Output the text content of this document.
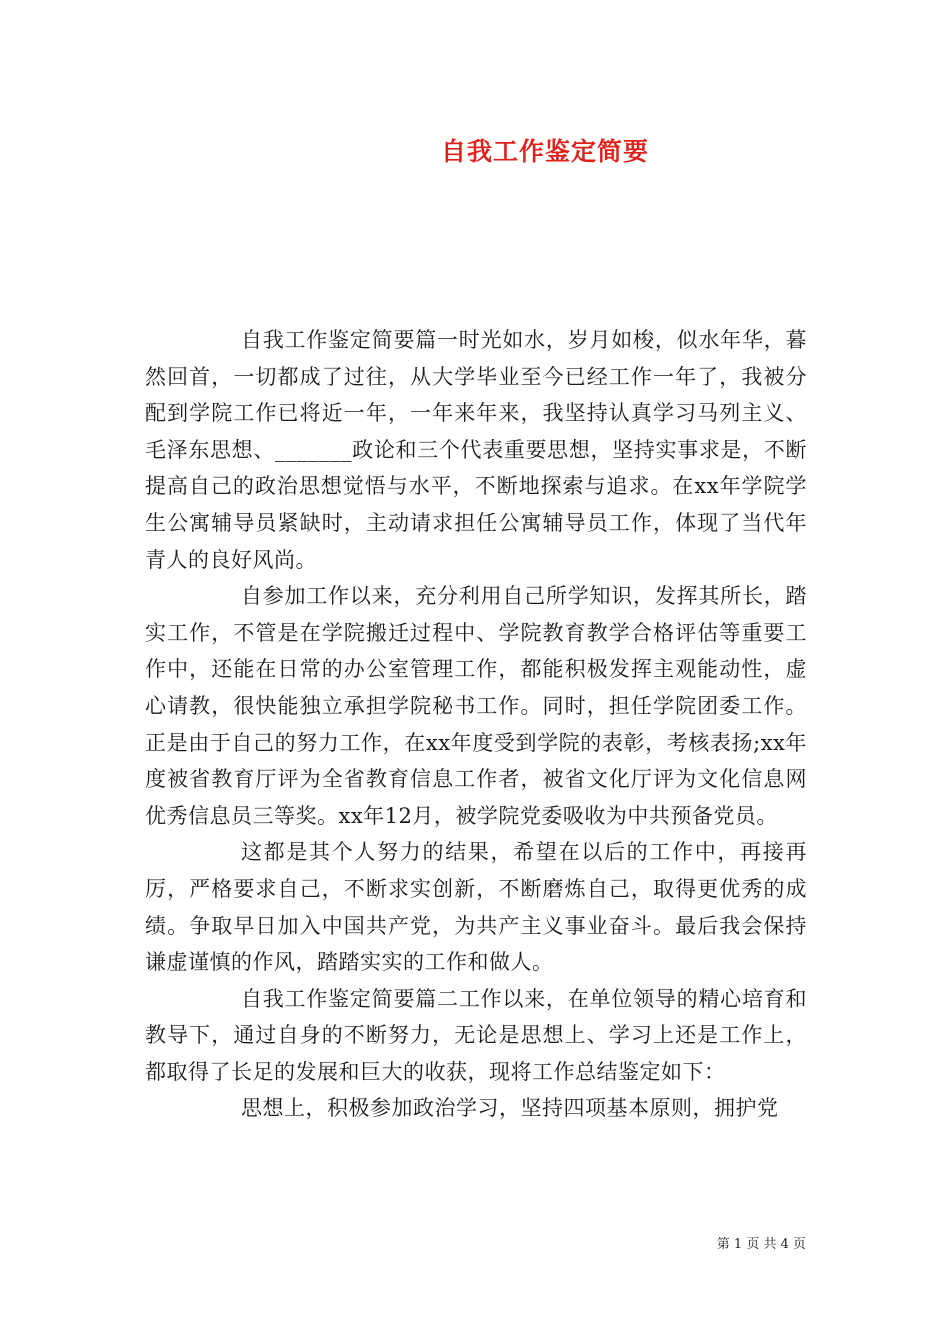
自我工作鉴定简要

自我工作鉴定简要篇一时光如水，岁月如梭，似水年华，暮然回首，一切都成了过往，从大学毕业至今已经工作一年了，我被分配到学院工作已将近一年，一年来年来，我坚持认真学习马列主义、毛泽东思想、_______政论和三个代表重要思想，坚持实事求是，不断提高自己的政治思想觉悟与水平，不断地探索与追求。在xx年学院学生公寓辅导员紧缺时，主动请求担任公寓辅导员工作，体现了当代年青人的良好风尚。

自参加工作以来，充分利用自己所学知识，发挥其所长，踏实工作，不管是在学院搬迁过程中、学院教育教学合格评估等重要工作中，还能在日常的办公室管理工作，都能积极发挥主观能动性，虚心请教，很快能独立承担学院秘书工作。同时，担任学院团委工作。正是由于自己的努力工作，在xx年度受到学院的表彰，考核表扬;xx年度被省教育厅评为全省教育信息工作者，被省文化厅评为文化信息网优秀信息员三等奖。xx年12月，被学院党委吸收为中共预备党员。

这都是其个人努力的结果，希望在以后的工作中，再接再厉，严格要求自己，不断求实创新，不断磨炼自己，取得更优秀的成绩。争取早日加入中国共产党，为共产主义事业奋斗。最后我会保持谦虚谨慎的作风，踏踏实实的工作和做人。

自我工作鉴定简要篇二工作以来，在单位领导的精心培育和教导下，通过自身的不断努力，无论是思想上、学习上还是工作上，都取得了长足的发展和巨大的收获，现将工作总结鉴定如下：

思想上，积极参加政治学习，坚持四项基本原则，拥护党

第 1 页 共 4 页
